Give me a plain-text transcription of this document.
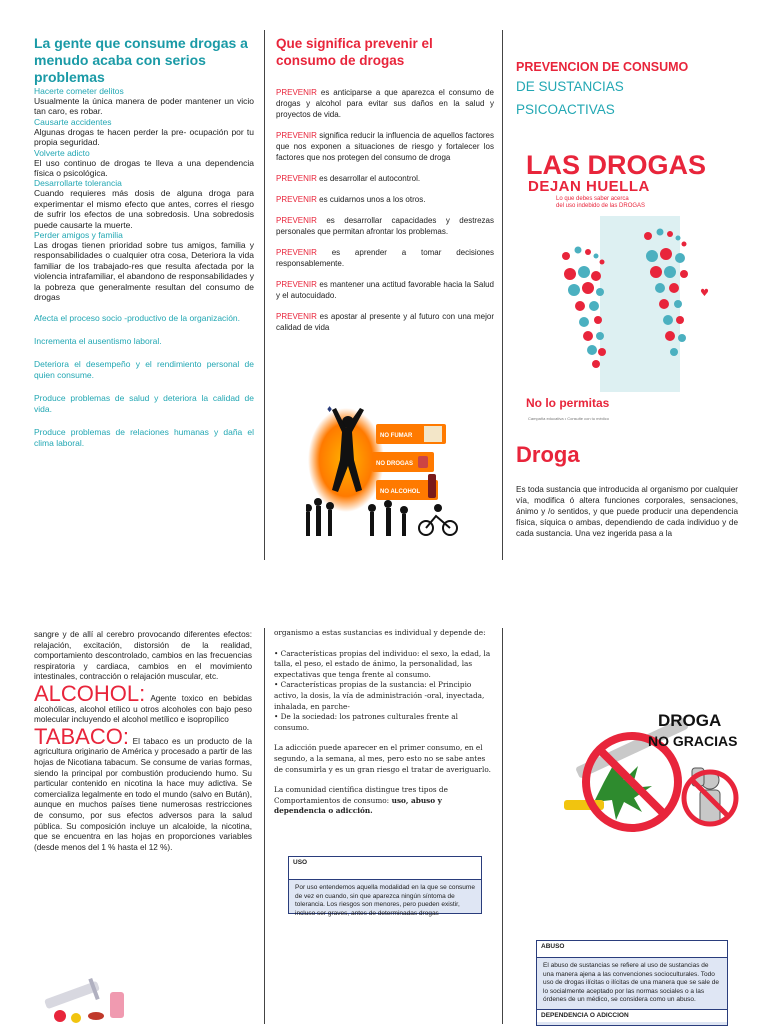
La gente que consume drogas a menudo acaba con serios problemas
Hacerte cometer delitos

Usualmente la única manera de poder mantener un vicio tan caro, es robar.

Causarte accidentes

Algunas drogas te hacen perder la pre- ocupación por tu propia seguridad.

Volverte adicto

El uso continuo de drogas te lleva a una dependencia física o psicológica.

Desarrollarte tolerancia

Cuando requieres más dosis de alguna droga para experimentar el mismo efecto que antes, corres el riesgo de sufrir los efectos de una sobredosis. Una sobredosis puede causarte la muerte.

Perder amigos y familia

Las drogas tienen prioridad sobre tus amigos, familia y responsabilidades o cualquier otra cosa, Deteriora la vida familiar de los trabajado-res que resulta afectada por la violencia intrafamiliar, el abandono de responsabilidades y la pobreza que generalmente resultan del consumo de drogas

Afecta el proceso socio -productivo de la organización.

Incrementa el ausentismo laboral.

Deteriora el desempeño y el rendimiento personal de quien consume.

Produce problemas de salud y deteriora la calidad de vida.

Produce problemas de relaciones humanas y daña el clima laboral.

Que significa prevenir el consumo de drogas
PREVENIR es anticiparse a que aparezca el consumo de drogas y alcohol para evitar sus daños en la salud y proyectos de vida.
PREVENIR significa reducir la influencia de aquellos factores que nos exponen a situaciones de riesgo y fortalecer los factores que nos protegen del consumo de droga
PREVENIR es desarrollar el autocontrol.
PREVENIR es cuidarnos unos a los otros.
PREVENIR es desarrollar capacidades y destrezas personales que permitan afrontar los problemas.
PREVENIR es aprender a tomar decisiones responsablemente.
PREVENIR es mantener una actitud favorable hacia la Salud y el autocuidado.
PREVENIR es apostar al presente y al futuro con una mejor calidad de vida
♦
NO FUMAR
NO DROGAS
NO ALCOHOL
PREVENCION DE CONSUMO
DE SUSTANCIAS
PSICOACTIVAS
LAS DROGAS
DEJAN HUELLA
Lo que debes saber acerca
del uso indebido de las DROGAS
♥
No lo permitas
Campaña educativa • Consulte con tu médico
Droga
Es toda sustancia que introducida al organismo por cualquier vía, modifica ó altera funciones corporales, sensaciones, ánimo y /o sentidos, y que puede producir una dependencia física, síquica o ambas, dependiendo de cada individuo y de cada sustancia. Una vez ingerida pasa a la
sangre y de allí al cerebro provocando diferentes efectos: relajación, excitación, distorsión de la realidad, comportamiento descontrolado, cambios en las frecuencias respiratoria y cardiaca, cambios en el movimiento intestinales, contracción o relajación muscular, etc.
ALCOHOL: Agente toxico en bebidas alcohólicas, alcohol etílico u otros alcoholes con bajo peso molecular incluyendo el alcohol metílico e isopropílico
TABACO: El tabaco es un producto de la agricultura originario de América y procesado a partir de las hojas de Nicotiana tabacum. Se consume de varias formas, siendo la principal por combustión produciendo humo. Su particular contenido en nicotina la hace muy adictiva. Se comercializa legalmente en todo el mundo (salvo en Bután), aunque en muchos países tiene numerosas restricciones de consumo, por sus efectos adversos para la salud pública. Su composición incluye un alcaloide, la nicotina, que se encuentra en las hojas en proporciones variables (desde menos del 1 % hasta el 12 %).

organismo a estas sustancias es individual y depende de:

• Características propias del individuo: el sexo, la edad, la talla, el peso, el estado de ánimo, la personalidad, las expectativas que tenga frente al consumo.
• Características propias de la sustancia: el Principio activo, la dosis, la vía de administración -oral, inyectada, inhalada, en parche-
• De la sociedad: los patrones culturales frente al consumo.

La adicción puede aparecer en el primer consumo, en el segundo, a la semana, al mes, pero esto no se sabe antes de consumirla y es un gran riesgo el tratar de averiguarlo.

La comunidad científica distingue tres tipos de Comportamientos de consumo: uso, abuso y dependencia o adicción.

USO
Por uso entendemos aquella modalidad en la que se consume de vez en cuando, sin que aparezca ningún síntoma de tolerancia. Los riesgos son menores, pero pueden existir, incluso ser graves, antes de determinadas drogas
DROGA
NO GRACIAS
ABUSO
El abuso de sustancias se refiere al uso de sustancias de una manera ajena a las convenciones socioculturales. Todo uso de drogas ilícitas o ilícitas de una manera que se sale de lo socialmente aceptado por las normas sociales o a las órdenes de un médico, se considera como un abuso.
DEPENDENCIA O ADICCION
